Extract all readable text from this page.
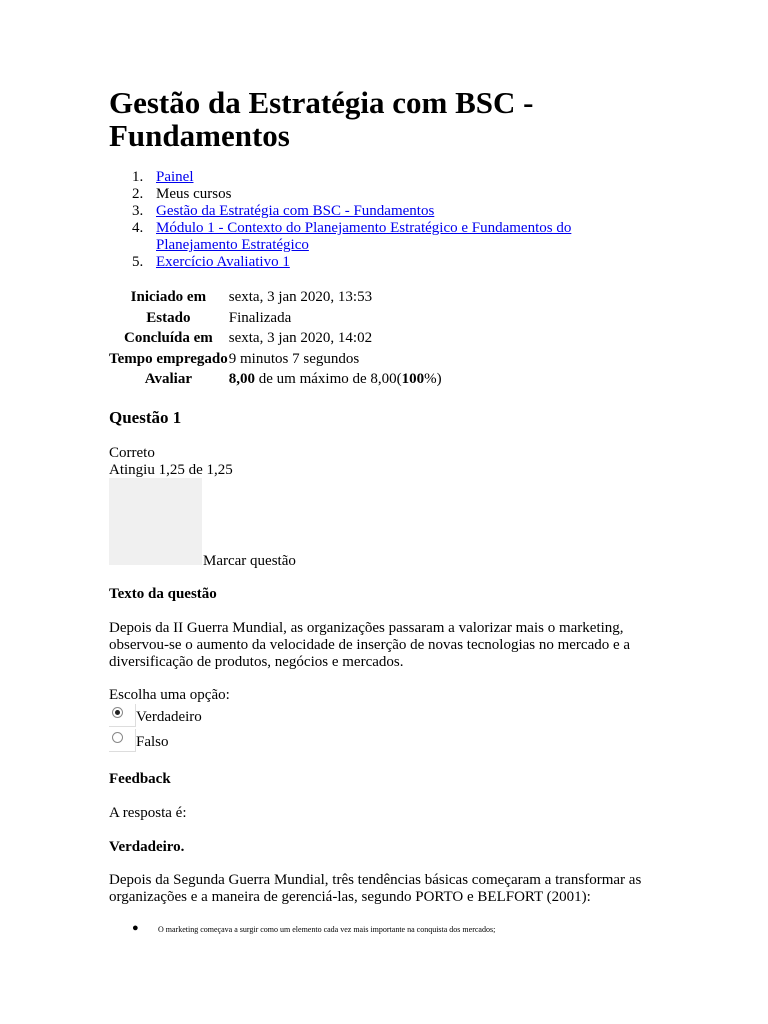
Gestão da Estratégia com BSC - Fundamentos
1. Painel
2. Meus cursos
3. Gestão da Estratégia com BSC - Fundamentos
4. Módulo 1 - Contexto do Planejamento Estratégico e Fundamentos do Planejamento Estratégico
5. Exercício Avaliativo 1
Iniciado em	sexta, 3 jan 2020, 13:53
Estado	Finalizada
Concluída em	sexta, 3 jan 2020, 14:02
Tempo empregado	9 minutos 7 segundos
Avaliar	8,00 de um máximo de 8,00(100%)
Questão 1
Correto
Atingiu 1,25 de 1,25
Marcar questão
Texto da questão

Depois da II Guerra Mundial, as organizações passaram a valorizar mais o marketing, observou-se o aumento da velocidade de inserção de novas tecnologias no mercado e a diversificação de produtos, negócios e mercados.

Escolha uma opção:
Verdadeiro
Falso
Feedback
A resposta é:
Verdadeiro.

Depois da Segunda Guerra Mundial, três tendências básicas começaram a transformar as organizações e a maneira de gerenciá-las, segundo PORTO e BELFORT (2001):

● O marketing começava a surgir como um elemento cada vez mais importante na conquista dos mercados;
